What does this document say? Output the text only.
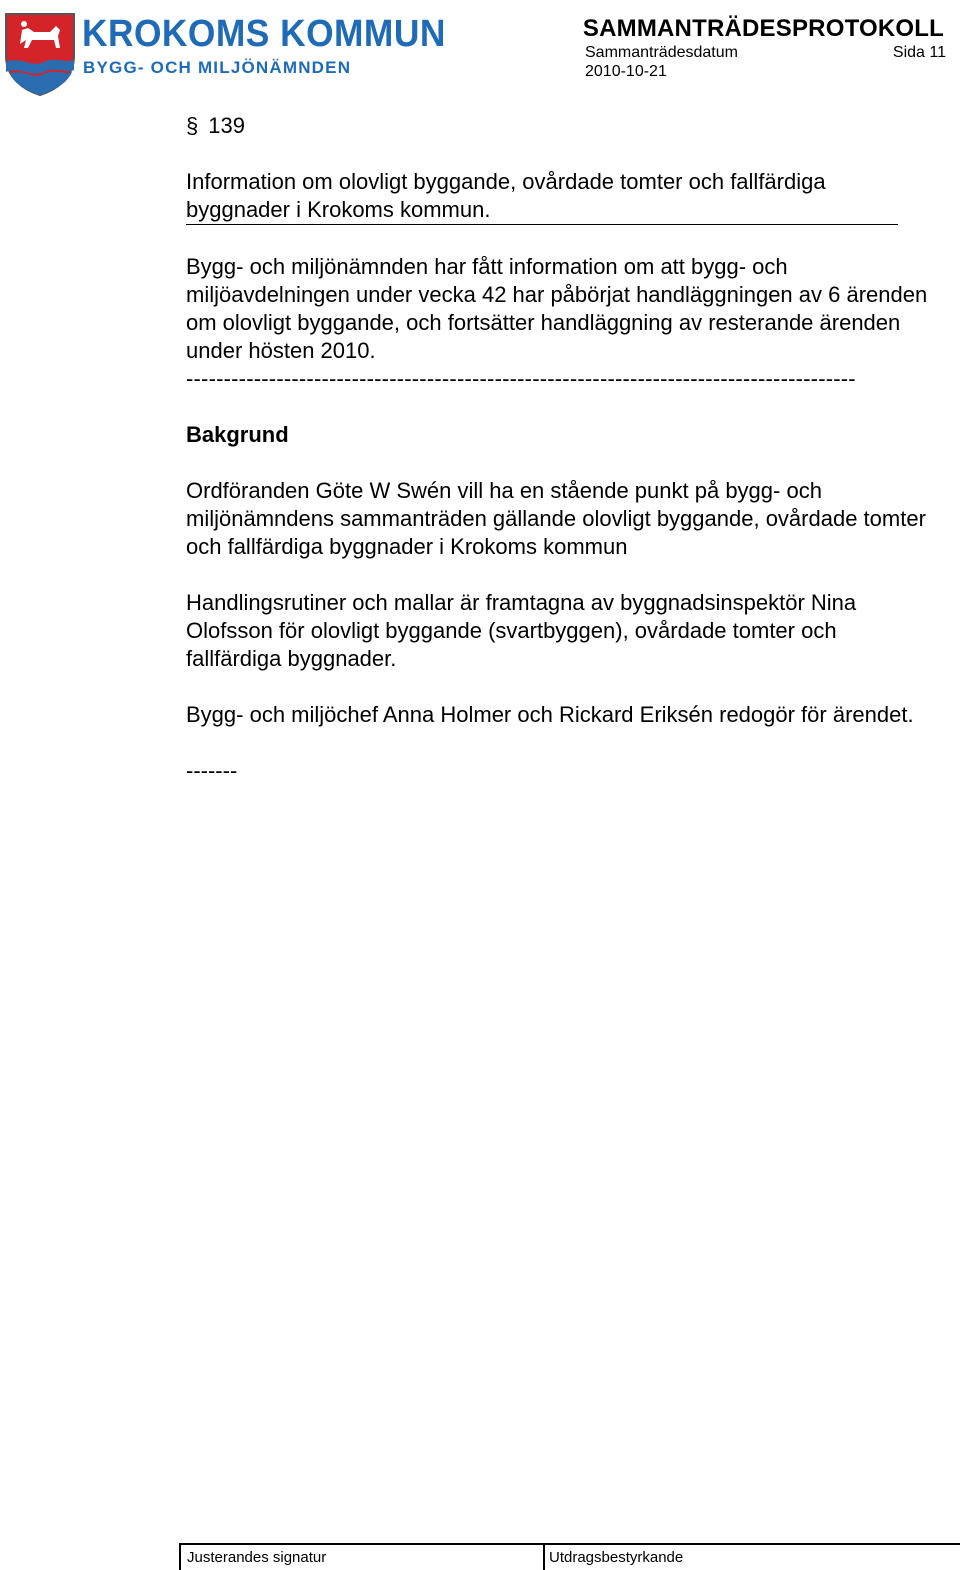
KROKOMS KOMMUN
BYGG- OCH MILJÖNÄMNDEN
SAMMANTRÄDESPROTOKOLL
Sammanträdesdatum	Sida 11
2010-10-21
§ 139
Information om olovligt byggande, ovårdade tomter och fallfärdiga byggnader i Krokoms kommun.
Bygg- och miljönämnden har fått information om att bygg- och miljöavdelningen under vecka 42 har påbörjat handläggningen av 6 ärenden om olovligt byggande, och fortsätter handläggning av resterande ärenden under hösten 2010.
-----------------------------------------------------------------------------------------
Bakgrund
Ordföranden Göte W Swén vill ha en stående punkt på bygg- och miljönämndens sammanträden gällande olovligt byggande, ovårdade tomter och fallfärdiga byggnader i Krokoms kommun
Handlingsrutiner och mallar är framtagna av byggnadsinspektör Nina Olofsson för olovligt byggande (svartbyggen), ovårdade tomter och fallfärdiga byggnader.
Bygg- och miljöchef Anna Holmer och Rickard Eriksén redogör för ärendet.
-------
Justerandes signatur	Utdragsbestyrkande
